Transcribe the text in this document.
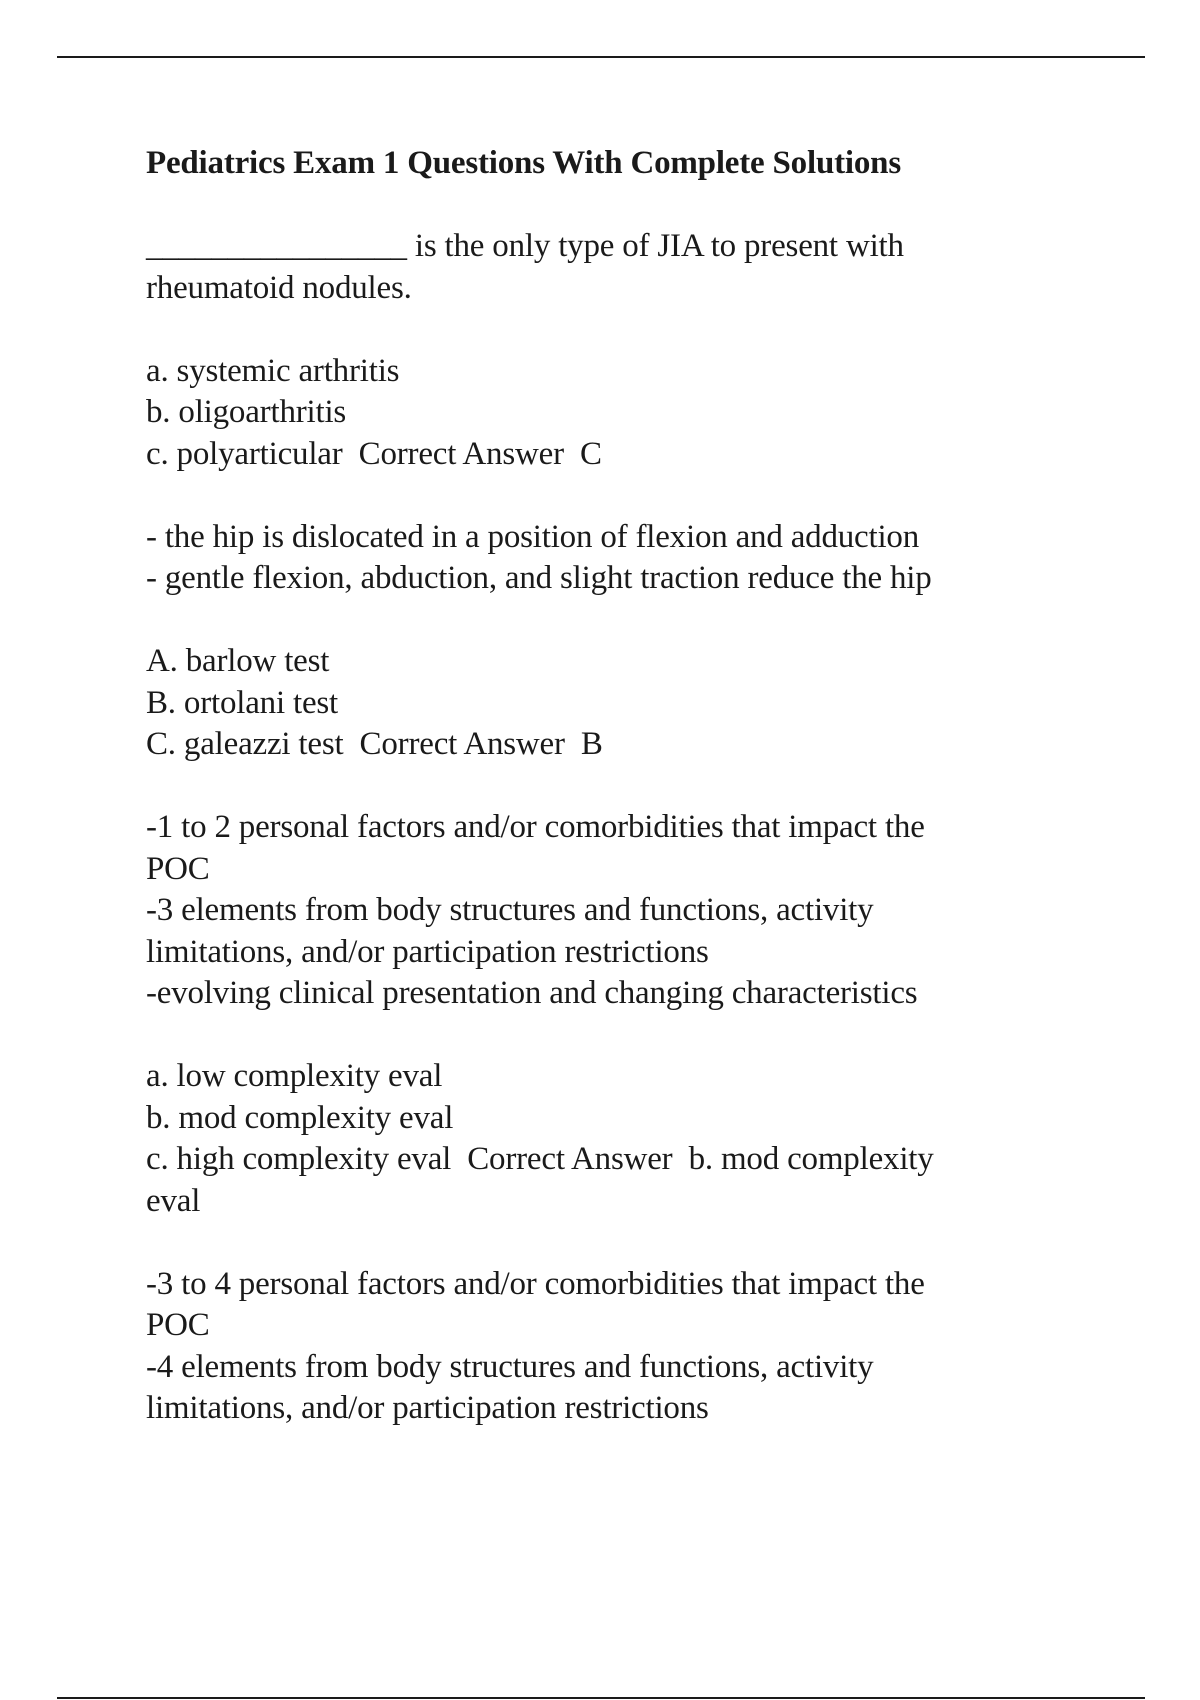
Pediatrics Exam 1 Questions With Complete Solutions
________________ is the only type of JIA to present with
rheumatoid nodules.
a. systemic arthritis
b. oligoarthritis
c. polyarticular  Correct Answer  C
- the hip is dislocated in a position of flexion and adduction
- gentle flexion, abduction, and slight traction reduce the hip
A. barlow test
B. ortolani test
C. galeazzi test  Correct Answer  B
-1 to 2 personal factors and/or comorbidities that impact the
POC
-3 elements from body structures and functions, activity
limitations, and/or participation restrictions
-evolving clinical presentation and changing characteristics
a. low complexity eval
b. mod complexity eval
c. high complexity eval  Correct Answer  b. mod complexity
eval
-3 to 4 personal factors and/or comorbidities that impact the
POC
-4 elements from body structures and functions, activity
limitations, and/or participation restrictions
